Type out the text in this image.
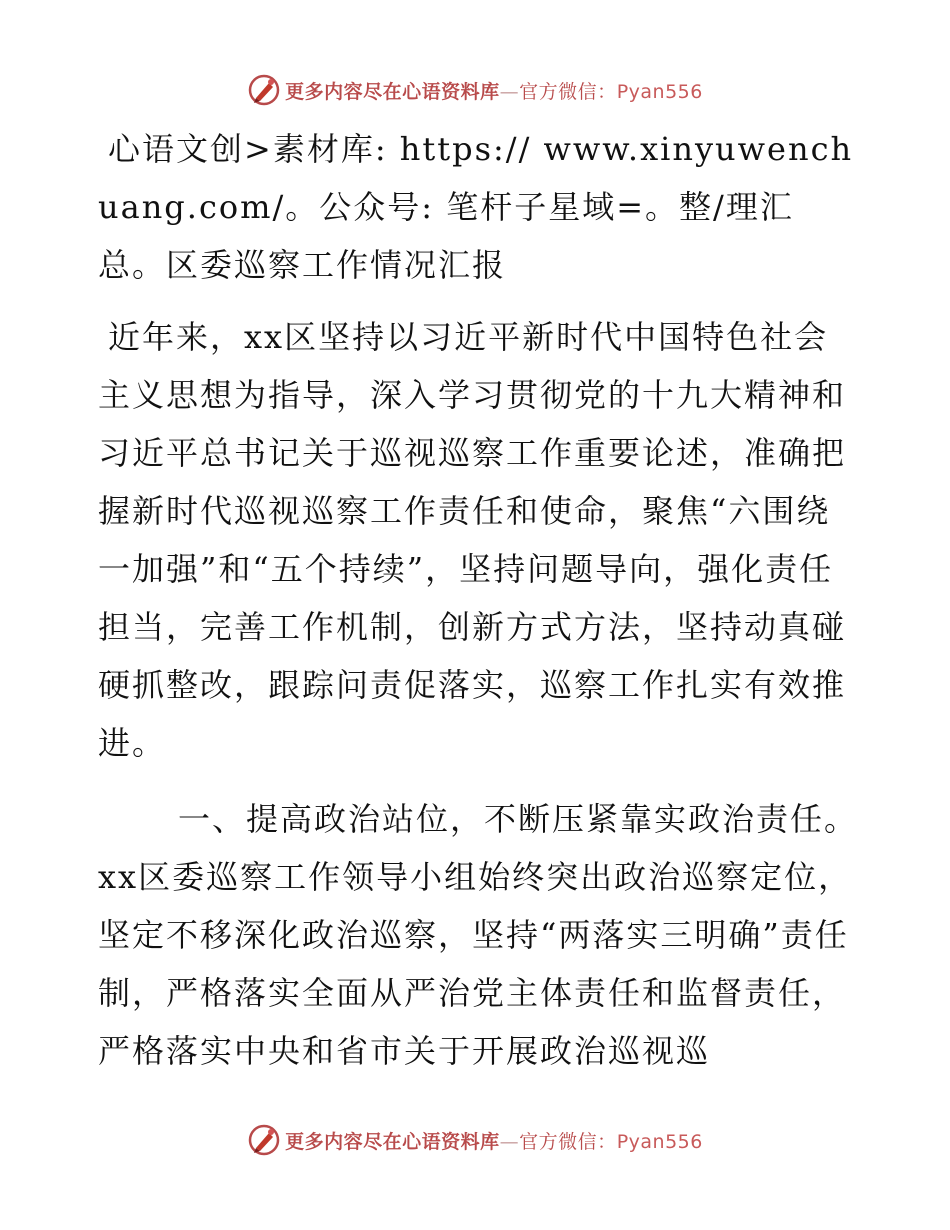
更多内容尽在心语资料库—官方微信：Pyan556

心语文创>素材库: https:// www.xinyuwenchuang.com/。公众号: 笔杆子星域=。整/理汇总。区委巡察工作情况汇报

近年来，xx区坚持以习近平新时代中国特色社会主义思想为指导，深入学习贯彻党的十九大精神和习近平总书记关于巡视巡察工作重要论述，准确把握新时代巡视巡察工作责任和使命，聚焦“六围绕一加强”和“五个持续”，坚持问题导向，强化责任担当，完善工作机制，创新方式方法，坚持动真碰硬抓整改，跟踪问责促落实，巡察工作扎实有效推进。

一、提高政治站位，不断压紧靠实政治责任。xx区委巡察工作领导小组始终突出政治巡察定位，坚定不移深化政治巡察，坚持“两落实三明确”责任制，严格落实全面从严治党主体责任和监督责任，严格落实中央和省市关于开展政治巡视巡

更多内容尽在心语资料库—官方微信：Pyan556
